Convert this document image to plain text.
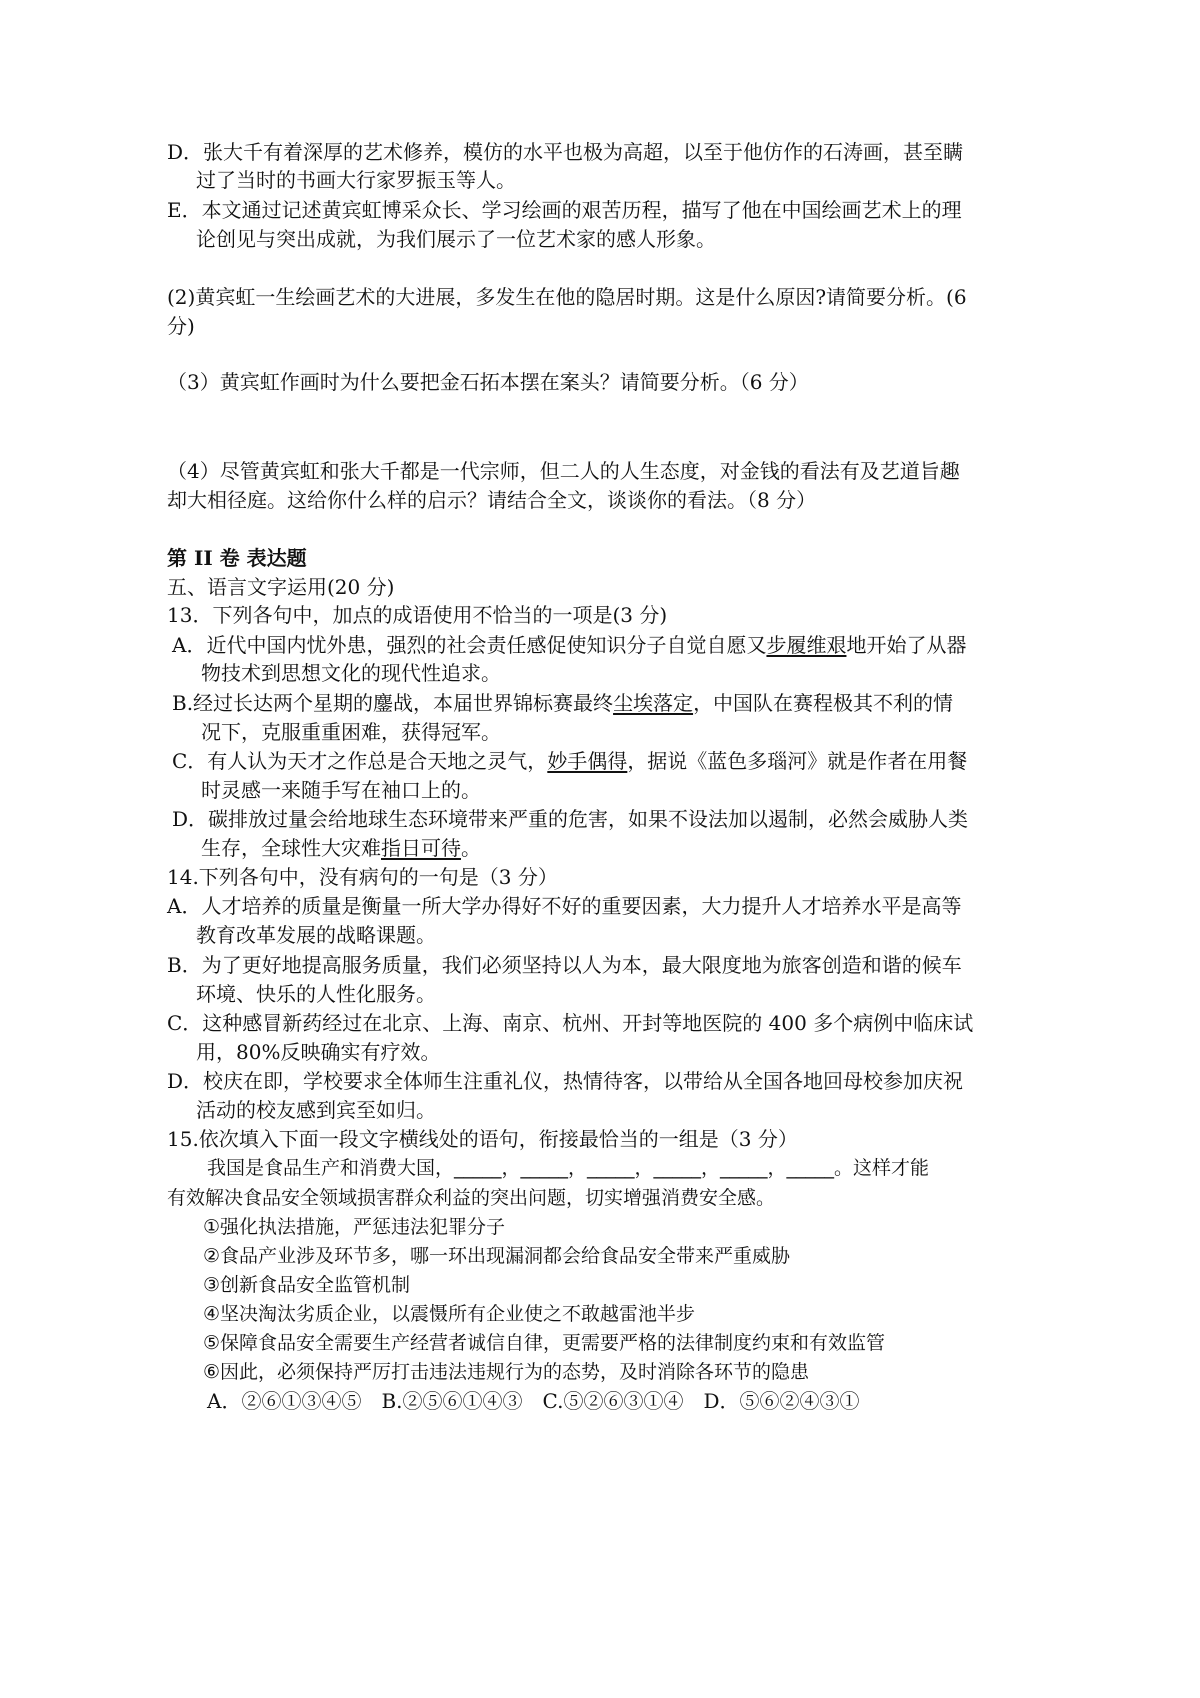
D．张大千有着深厚的艺术修养，模仿的水平也极为高超，以至于他仿作的石涛画，甚至瞒
过了当时的书画大行家罗振玉等人。
E．本文通过记述黄宾虹博采众长、学习绘画的艰苦历程，描写了他在中国绘画艺术上的理
论创见与突出成就，为我们展示了一位艺术家的感人形象。
(2)黄宾虹一生绘画艺术的大进展，多发生在他的隐居时期。这是什么原因?请简要分析。(6
分)
（3）黄宾虹作画时为什么要把金石拓本摆在案头？请简要分析。（6 分）
（4）尽管黄宾虹和张大千都是一代宗师，但二人的人生态度，对金钱的看法有及艺道旨趣
却大相径庭。这给你什么样的启示？请结合全文，谈谈你的看法。（8 分）
第 II 卷 表达题
五、语言文字运用(20 分)
13．下列各句中，加点的成语使用不恰当的一项是(3 分)
A．近代中国内忧外患，强烈的社会责任感促使知识分子自觉自愿又步履维艰地开始了从器
物技术到思想文化的现代性追求。
B.经过长达两个星期的鏖战，本届世界锦标赛最终尘埃落定，中国队在赛程极其不利的情
况下，克服重重困难，获得冠军。
C．有人认为天才之作总是合天地之灵气，妙手偶得，据说《蓝色多瑙河》就是作者在用餐
时灵感一来随手写在袖口上的。
D．碳排放过量会给地球生态环境带来严重的危害，如果不设法加以遏制，必然会威胁人类
生存，全球性大灾难指日可待。
14.下列各句中，没有病句的一句是（3 分）
A．人才培养的质量是衡量一所大学办得好不好的重要因素，大力提升人才培养水平是高等
教育改革发展的战略课题。
B．为了更好地提高服务质量，我们必须坚持以人为本，最大限度地为旅客创造和谐的候车
环境、快乐的人性化服务。
C．这种感冒新药经过在北京、上海、南京、杭州、开封等地医院的 400 多个病例中临床试
用，80%反映确实有疗效。
D．校庆在即，学校要求全体师生注重礼仪，热情待客，以带给从全国各地回母校参加庆祝
活动的校友感到宾至如归。
15.依次填入下面一段文字横线处的语句，衔接最恰当的一组是（3 分）
我国是食品生产和消费大国，_____，_____，_____，_____，_____，_____。这样才能
有效解决食品安全领域损害群众利益的突出问题，切实增强消费安全感。
①强化执法措施，严惩违法犯罪分子
②食品产业涉及环节多，哪一环出现漏洞都会给食品安全带来严重威胁
③创新食品安全监管机制
④坚决淘汰劣质企业，以震慑所有企业使之不敢越雷池半步
⑤保障食品安全需要生产经营者诚信自律，更需要严格的法律制度约束和有效监管
⑥因此，必须保持严厉打击违法违规行为的态势，及时消除各环节的隐患
A．②⑥①③④⑤　B.②⑤⑥①④③　C.⑤②⑥③①④　D．⑤⑥②④③①
